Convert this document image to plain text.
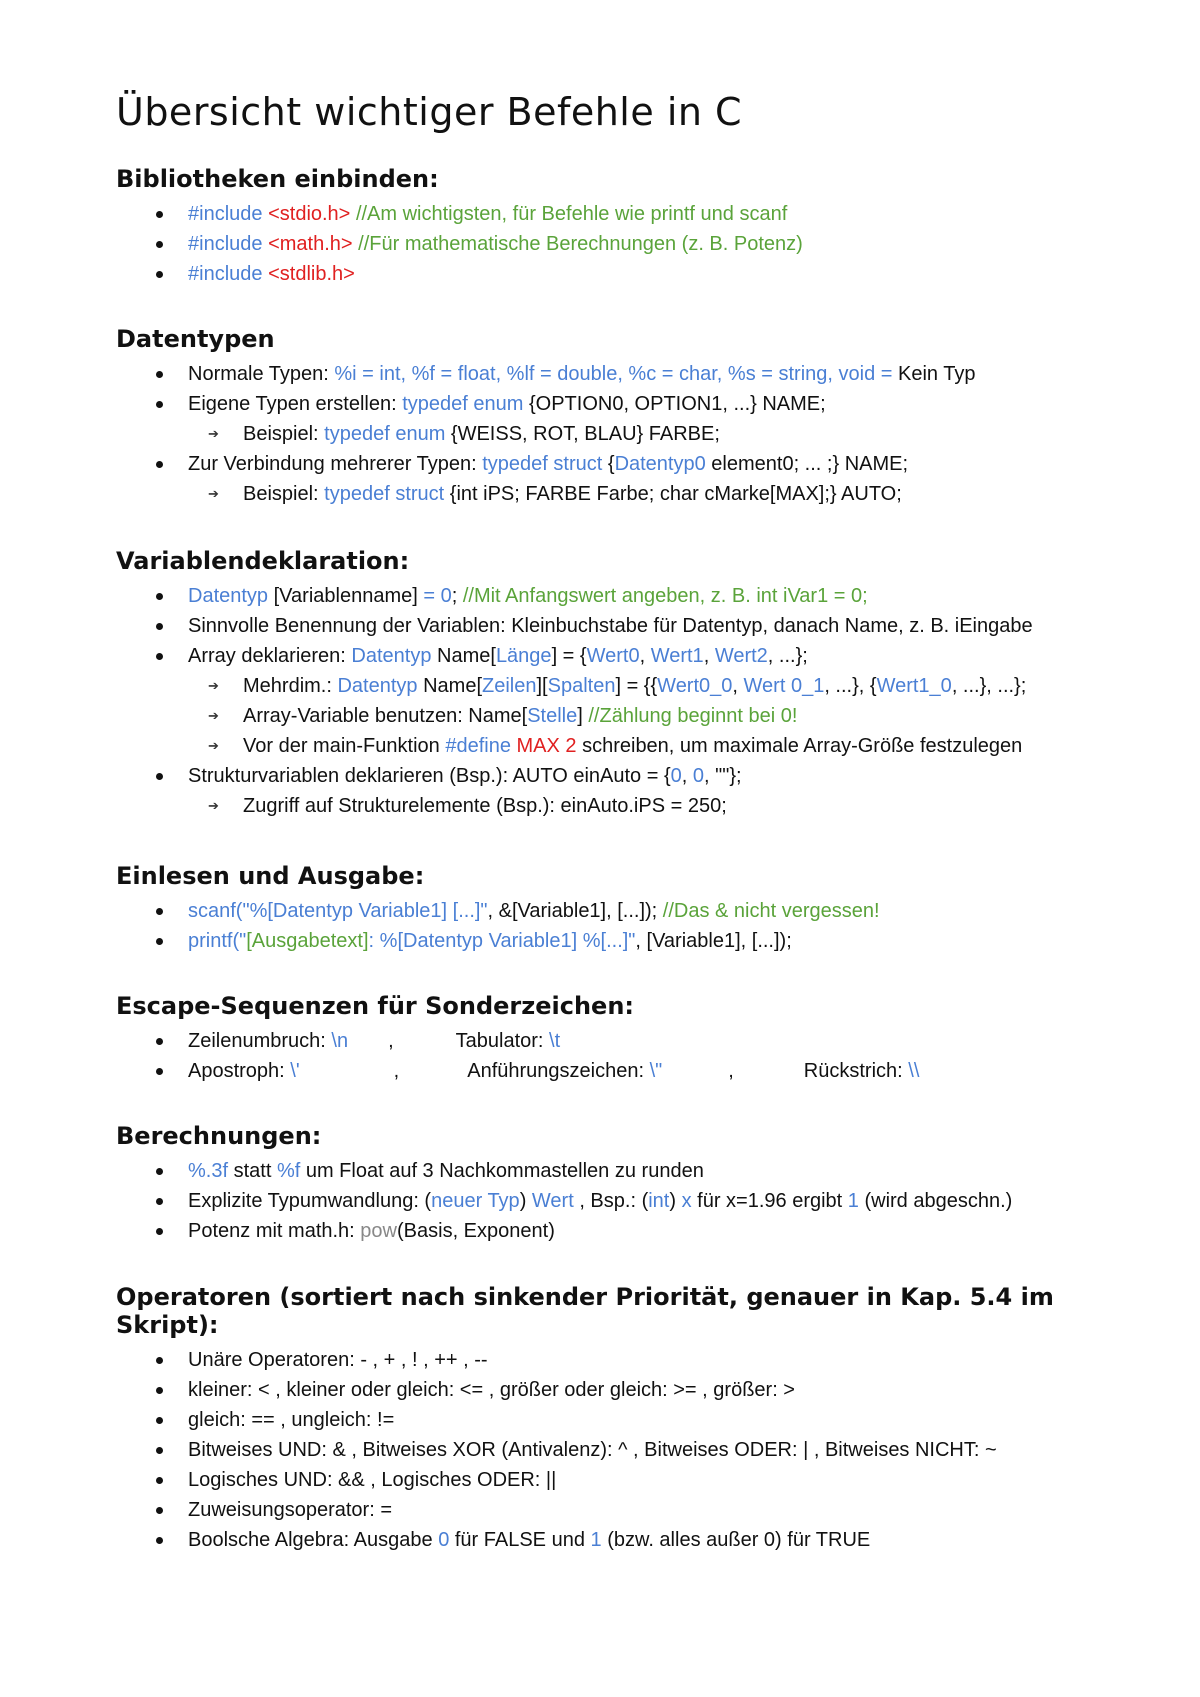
Übersicht wichtiger Befehle in C
Bibliotheken einbinden:
#include <stdio.h> //Am wichtigsten, für Befehle wie printf und scanf
#include <math.h> //Für mathematische Berechnungen (z. B. Potenz)
#include <stdlib.h>
Datentypen
Normale Typen: %i = int, %f = float, %lf = double, %c = char, %s = string, void = Kein Typ
Eigene Typen erstellen: typedef enum {OPTION0, OPTION1, ...} NAME;
➔ Beispiel: typedef enum {WEISS, ROT, BLAU} FARBE;
Zur Verbindung mehrerer Typen: typedef struct {Datentyp0 element0; ... ;} NAME;
➔ Beispiel: typedef struct {int iPS; FARBE Farbe; char cMarke[MAX];} AUTO;
Variablendeklaration:
Datentyp [Variablenname] = 0; //Mit Anfangswert angeben, z. B. int iVar1 = 0;
Sinnvolle Benennung der Variablen: Kleinbuchstabe für Datentyp, danach Name, z. B. iEingabe
Array deklarieren: Datentyp Name[Länge] = {Wert0, Wert1, Wert2, ...};
➔ Mehrdim.: Datentyp Name[Zeilen][Spalten] = {{Wert0_0, Wert 0_1, ...}, {Wert1_0, ...}, ...};
➔ Array-Variable benutzen: Name[Stelle] //Zählung beginnt bei 0!
➔ Vor der main-Funktion #define MAX 2 schreiben, um maximale Array-Größe festzulegen
Strukturvariablen deklarieren (Bsp.): AUTO einAuto = {0, 0, ""};
➔ Zugriff auf Strukturelemente (Bsp.): einAuto.iPS = 250;
Einlesen und Ausgabe:
scanf("%[Datentyp Variable1] [...]", &[Variable1], [...]); //Das & nicht vergessen!
printf("[Ausgabetext]: %[Datentyp Variable1] %[...]", [Variable1], [...]);
Escape-Sequenzen für Sonderzeichen:
Zeilenumbruch: \n ,	Tabulator: \t
Apostroph: \'	,	Anführungszeichen: \"	,	Rückstrich: \\
Berechnungen:
%.3f statt %f um Float auf 3 Nachkommastellen zu runden
Explizite Typumwandlung: (neuer Typ) Wert , Bsp.: (int) x für x=1.96 ergibt 1 (wird abgeschn.)
Potenz mit math.h: pow(Basis, Exponent)
Operatoren (sortiert nach sinkender Priorität, genauer in Kap. 5.4 im Skript):
Unäre Operatoren: - , + , ! , ++ , --
kleiner: < , kleiner oder gleich: <= , größer oder gleich: >= , größer: >
gleich: == , ungleich: !=
Bitweises UND: & , Bitweises XOR (Antivalenz): ^ , Bitweises ODER: | , Bitweises NICHT: ~
Logisches UND: && , Logisches ODER: ||
Zuweisungsoperator: =
Boolsche Algebra: Ausgabe 0 für FALSE und 1 (bzw. alles außer 0) für TRUE
